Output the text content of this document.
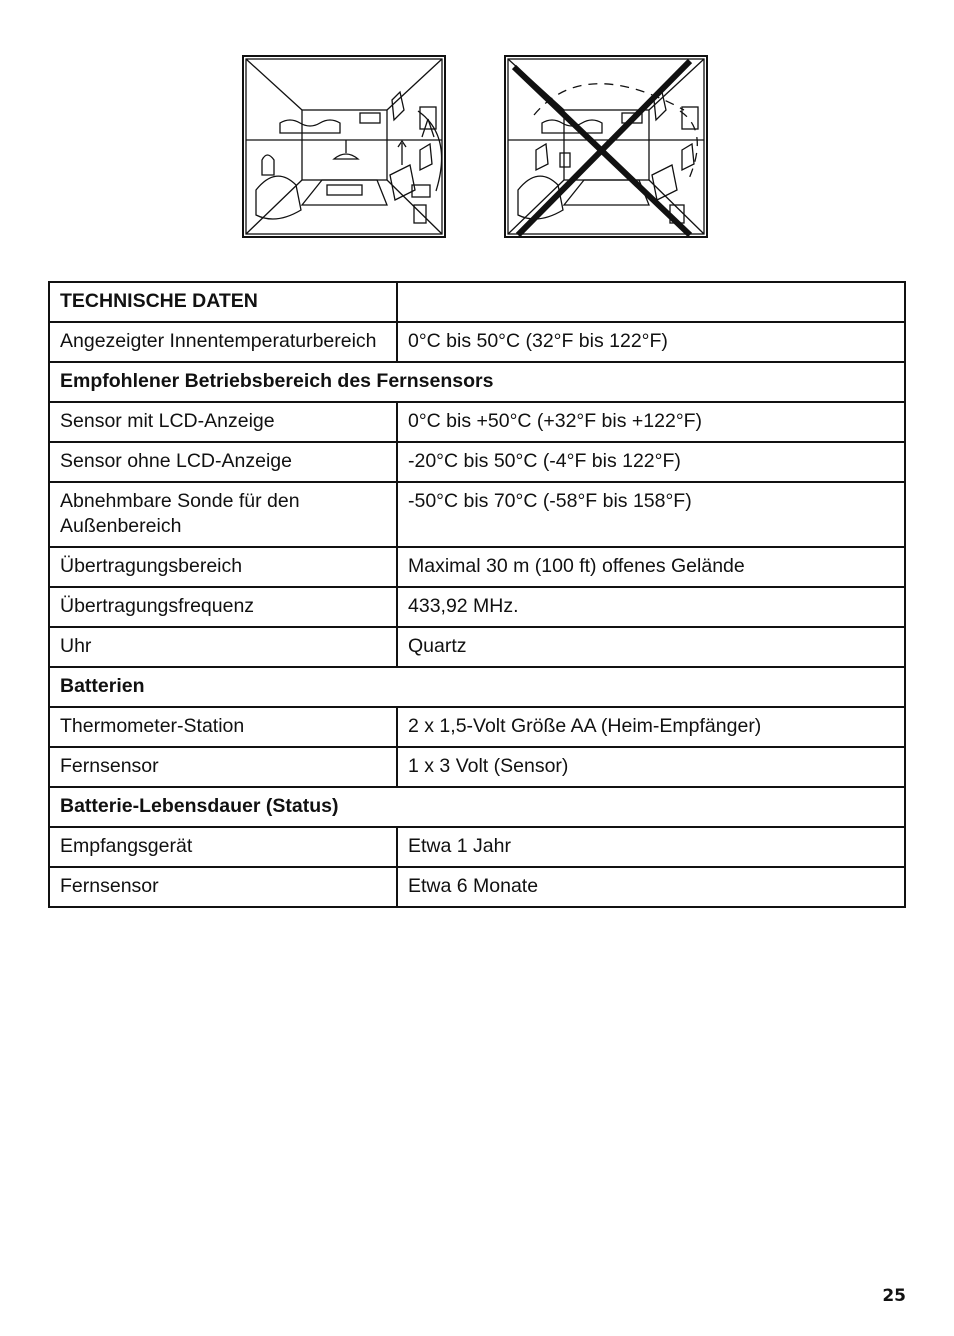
TECHNISCHE DATEN	
Angezeigter Innentemperaturbereich	0°C bis 50°C (32°F bis 122°F)
Empfohlener Betriebsbereich des Fernsensors	
Sensor mit LCD-Anzeige	0°C bis +50°C (+32°F bis +122°F)
Sensor ohne LCD-Anzeige	-20°C bis 50°C (-4°F bis 122°F)
Abnehmbare Sonde für den Außenbereich	-50°C bis 70°C (-58°F bis 158°F)
Übertragungsbereich	Maximal 30 m (100 ft) offenes Gelände
Übertragungsfrequenz	433,92 MHz.
Uhr	Quartz
Batterien	
Thermometer-Station	2 x 1,5-Volt Größe AA (Heim-Empfänger)
Fernsensor	1 x 3 Volt (Sensor)
Batterie-Lebensdauer (Status)	
Empfangsgerät	Etwa 1 Jahr
Fernsensor	Etwa 6 Monate
25
